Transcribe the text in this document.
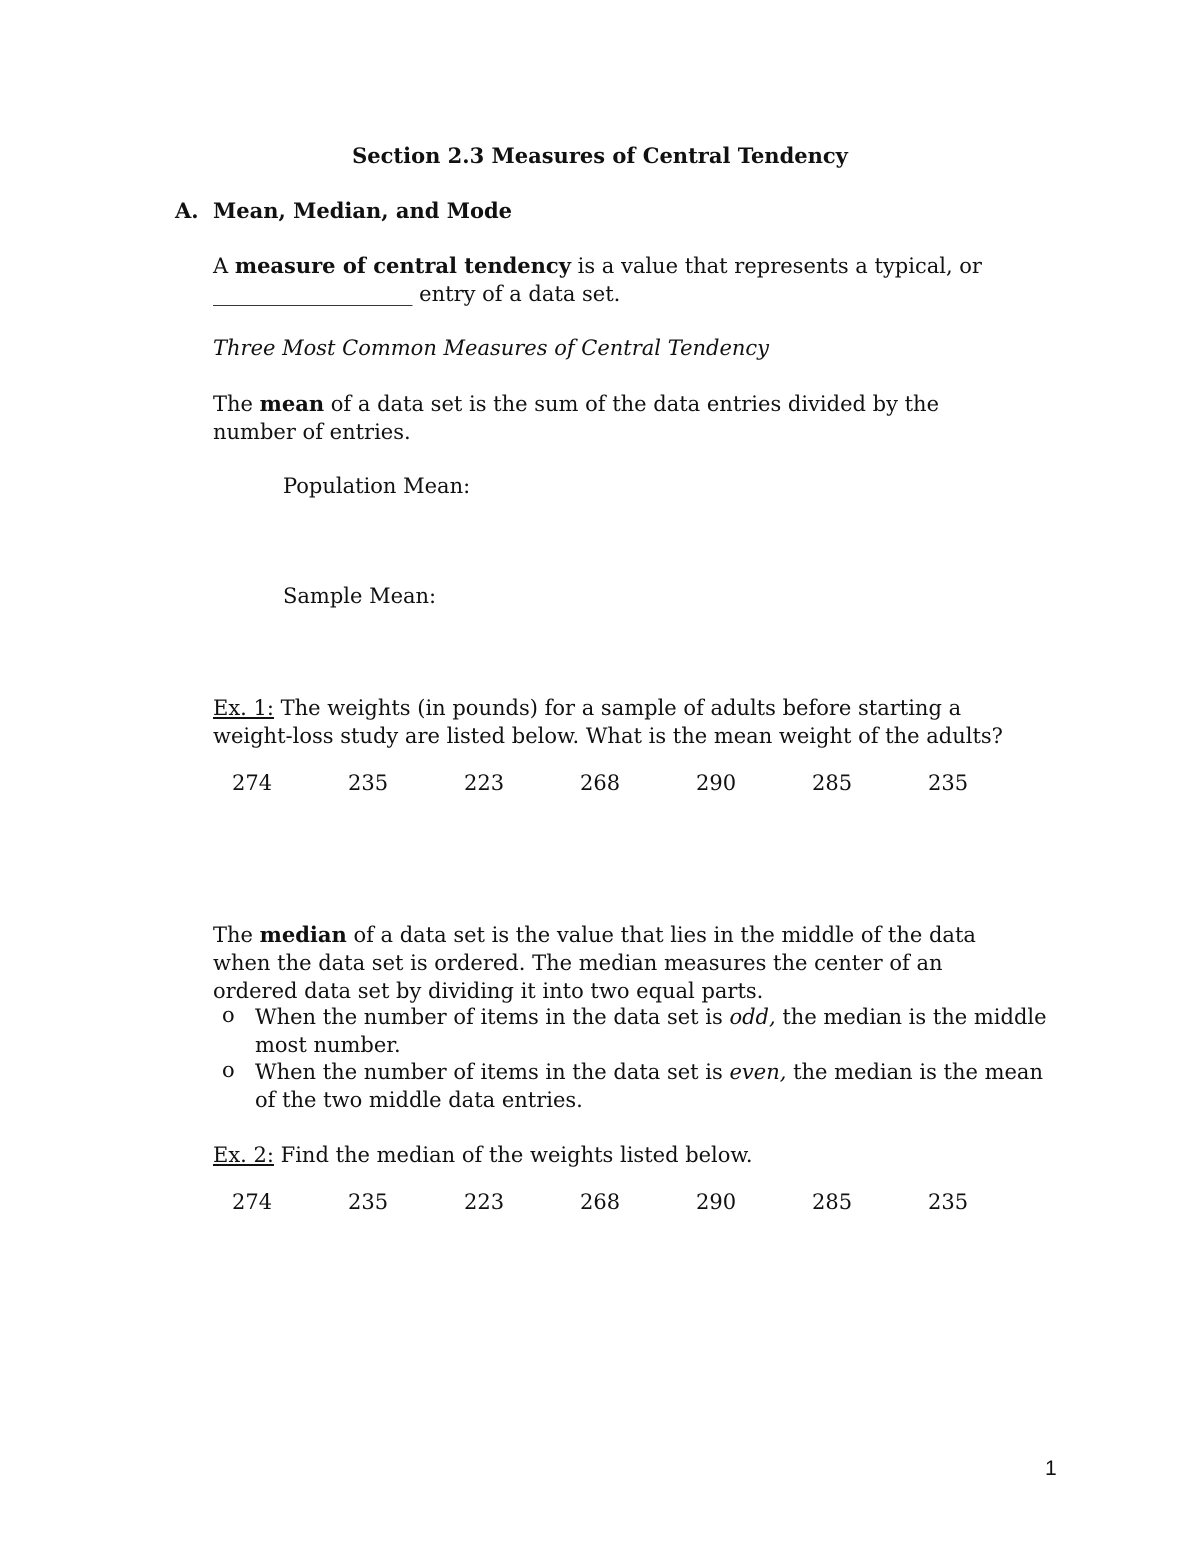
Section 2.3 Measures of Central Tendency
A. Mean, Median, and Mode
A measure of central tendency is a value that represents a typical, or
___________________ entry of a data set.
Three Most Common Measures of Central Tendency
The mean of a data set is the sum of the data entries divided by the number of entries.
Population Mean:
Sample Mean:
Ex. 1: The weights (in pounds) for a sample of adults before starting a weight-loss study are listed below. What is the mean weight of the adults?
274	235	223	268	290	285	235
The median of a data set is the value that lies in the middle of the data when the data set is ordered. The median measures the center of an ordered data set by dividing it into two equal parts.
o When the number of items in the data set is odd, the median is the middle most number.
o When the number of items in the data set is even, the median is the mean of the two middle data entries.
Ex. 2: Find the median of the weights listed below.
274	235	223	268	290	285	235
1
